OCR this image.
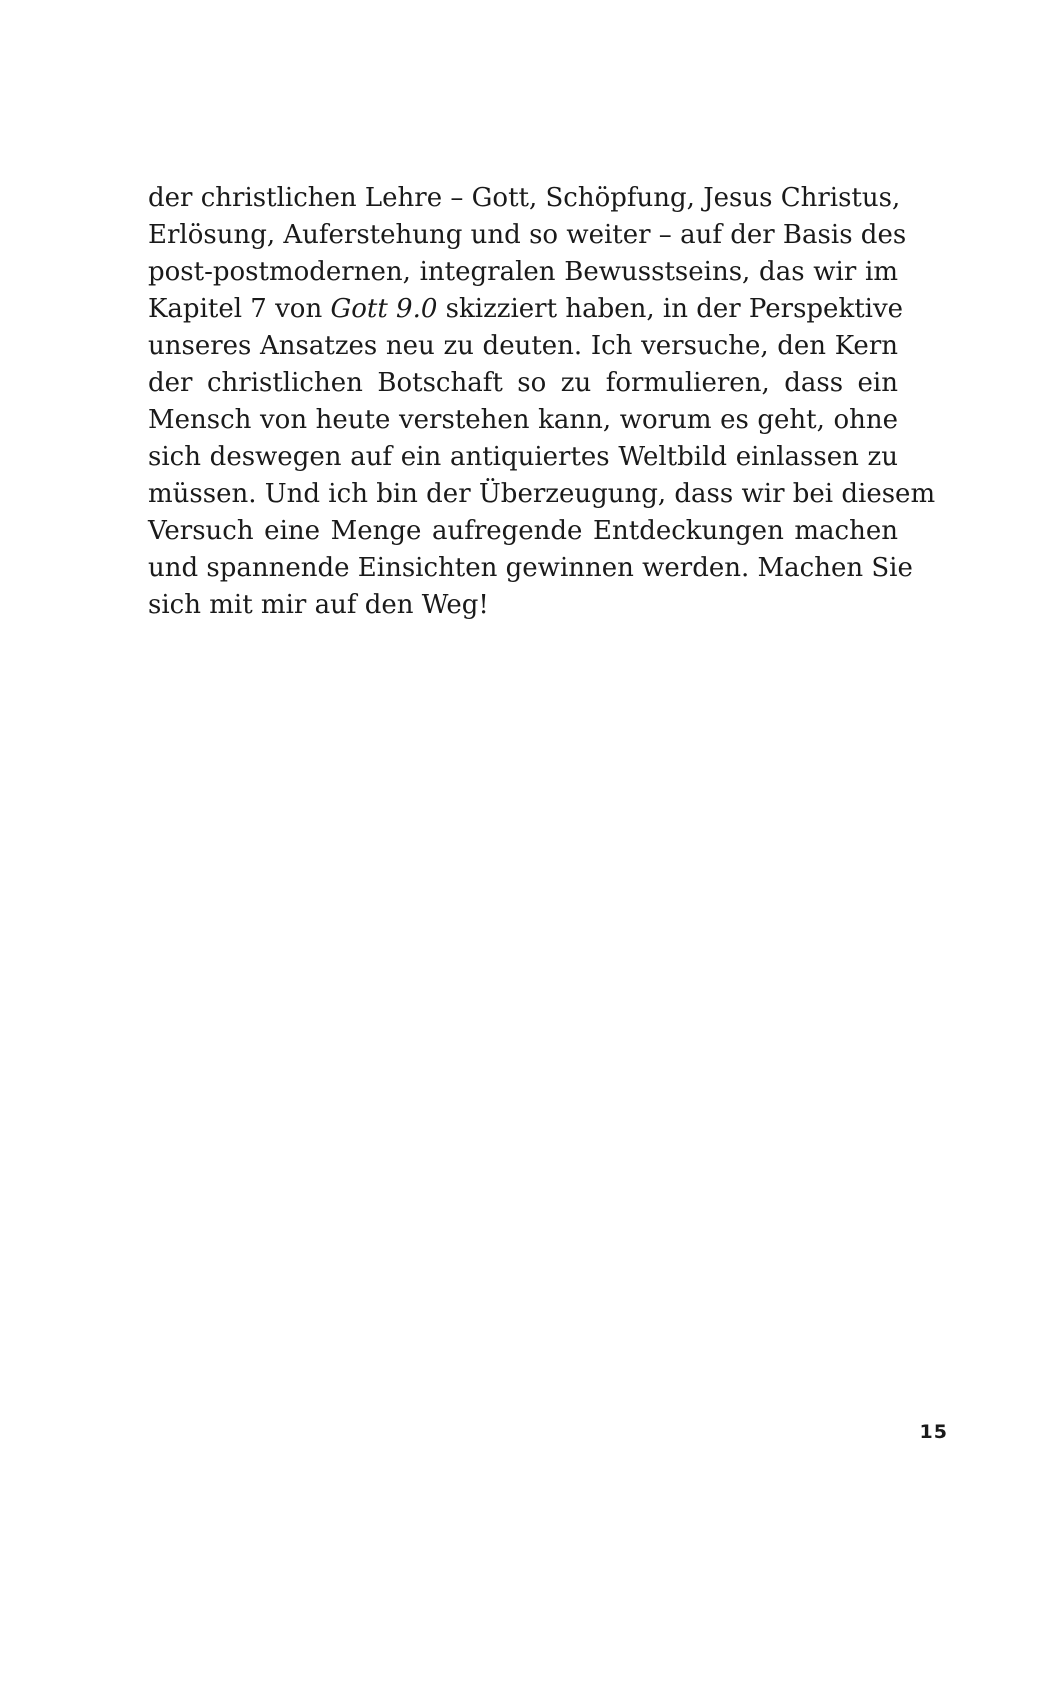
der christlichen Lehre – Gott, Schöpfung, Jesus Christus,
Erlösung, Auferstehung und so weiter – auf der Basis des
post-postmodernen, integralen Bewusstseins, das wir im
Kapitel 7 von Gott 9.0 skizziert haben, in der Perspektive
unseres Ansatzes neu zu deuten. Ich versuche, den Kern
der christlichen Botschaft so zu formulieren, dass ein
Mensch von heute verstehen kann, worum es geht, ohne
sich deswegen auf ein antiquiertes Weltbild einlassen zu
müssen. Und ich bin der Überzeugung, dass wir bei diesem
Versuch eine Menge aufregende Entdeckungen machen
und spannende Einsichten gewinnen werden. Machen Sie
sich mit mir auf den Weg!
15
